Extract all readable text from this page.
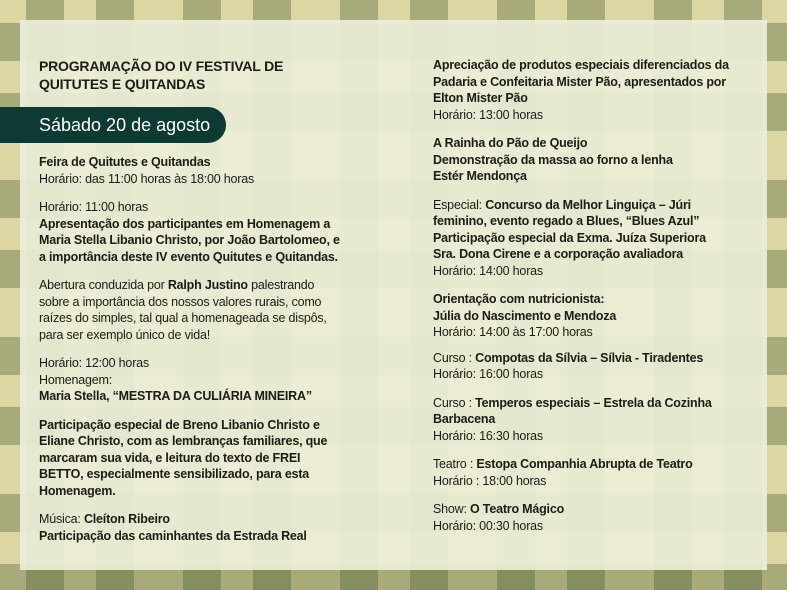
Sábado 20 de agosto
PROGRAMAÇÃO DO IV FESTIVAL DE
QUITUTES E QUITANDAS

Feira de Quitutes e Quitandas

Horário: das 11:00 horas às 18:00 horas

Horário: 11:00 horas

Apresentação dos participantes em Homenagem a

Maria Stella Libanio Christo, por João Bartolomeo, e

a importância deste IV evento Quitutes e Quitandas.

Abertura conduzida por Ralph Justino palestrando

sobre a importância dos nossos valores rurais, como

raízes do simples, tal qual a homenageada se dispôs,

para ser exemplo único de vida!

Horário: 12:00 horas

Homenagem:

Maria Stella, “MESTRA DA CULIÁRIA MINEIRA”

Participação especial de Breno Libanio Christo e

Eliane Christo, com as lembranças familiares, que

marcaram sua vida, e leitura do texto de FREI

BETTO, especialmente sensibilizado, para esta

Homenagem.

Música: Cleíton Ribeiro

Participação das caminhantes da Estrada Real

Apreciação de produtos especiais diferenciados da

Padaria e Confeitaria Mister Pão, apresentados por

Elton Mister Pão

Horário: 13:00 horas

A Rainha do Pão de Queijo

Demonstração da massa ao forno a lenha

Estér Mendonça

Especial: Concurso da Melhor Linguiça – Júri

feminino, evento regado a Blues, “Blues Azul”

Participação especial da Exma. Juíza Superiora

Sra. Dona Cirene e a corporação avaliadora

Horário: 14:00 horas

Orientação com nutricionista:

Júlia do Nascimento e Mendoza

Horário: 14:00 às 17:00 horas

Curso : Compotas da Sílvia – Sílvia - Tiradentes

Horário: 16:00 horas

Curso : Temperos especiais – Estrela da Cozinha

Barbacena

Horário: 16:30 horas

Teatro : Estopa Companhia Abrupta de Teatro

Horário : 18:00 horas

Show: O Teatro Mágico

Horário: 00:30 horas
